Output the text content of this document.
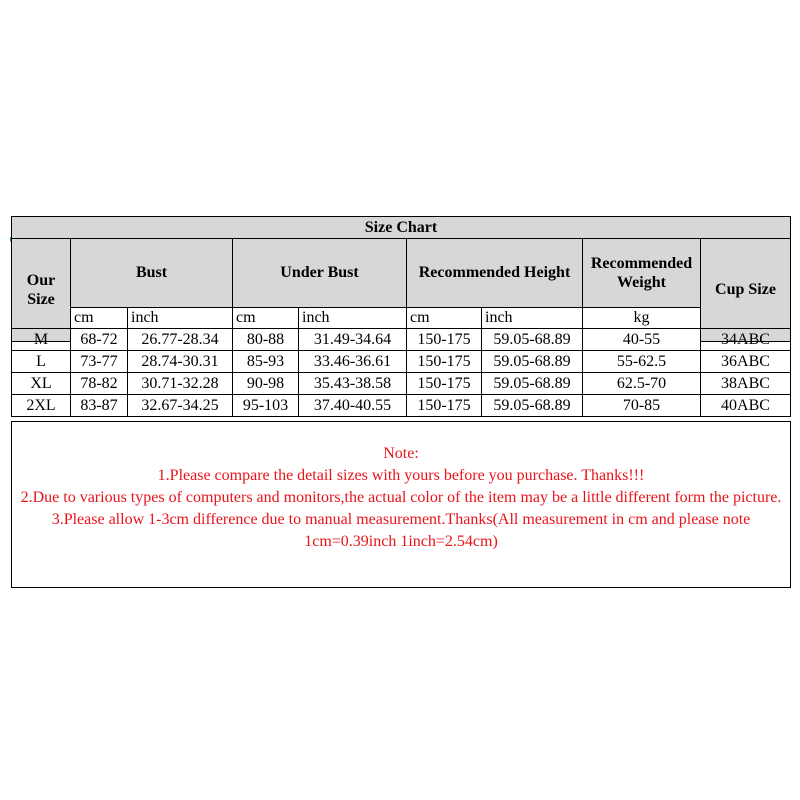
Size Chart
Our Size
Bust	Under Bust	Recommended Height
Recommended Weight	Cup Size
cm	inch	cm	inch	cm	inch	kg
M	68-72	26.77-28.34	80-88	31.49-34.64	150-175	59.05-68.89	40-55	34ABC
L	73-77	28.74-30.31	85-93	33.46-36.61	150-175	59.05-68.89	55-62.5	36ABC
XL	78-82	30.71-32.28	90-98	35.43-38.58	150-175	59.05-68.89	62.5-70	38ABC
2XL	83-87	32.67-34.25	95-103	37.40-40.55	150-175	59.05-68.89	70-85	40ABC
Note:
1.Please compare the detail sizes with yours before you purchase. Thanks!!!
2.Due to various types of computers and monitors,the actual color of the item may be a little different form the picture.
3.Please allow 1-3cm difference due to manual measurement.Thanks(All measurement in cm and please note 1cm=0.39inch 1inch=2.54cm)
